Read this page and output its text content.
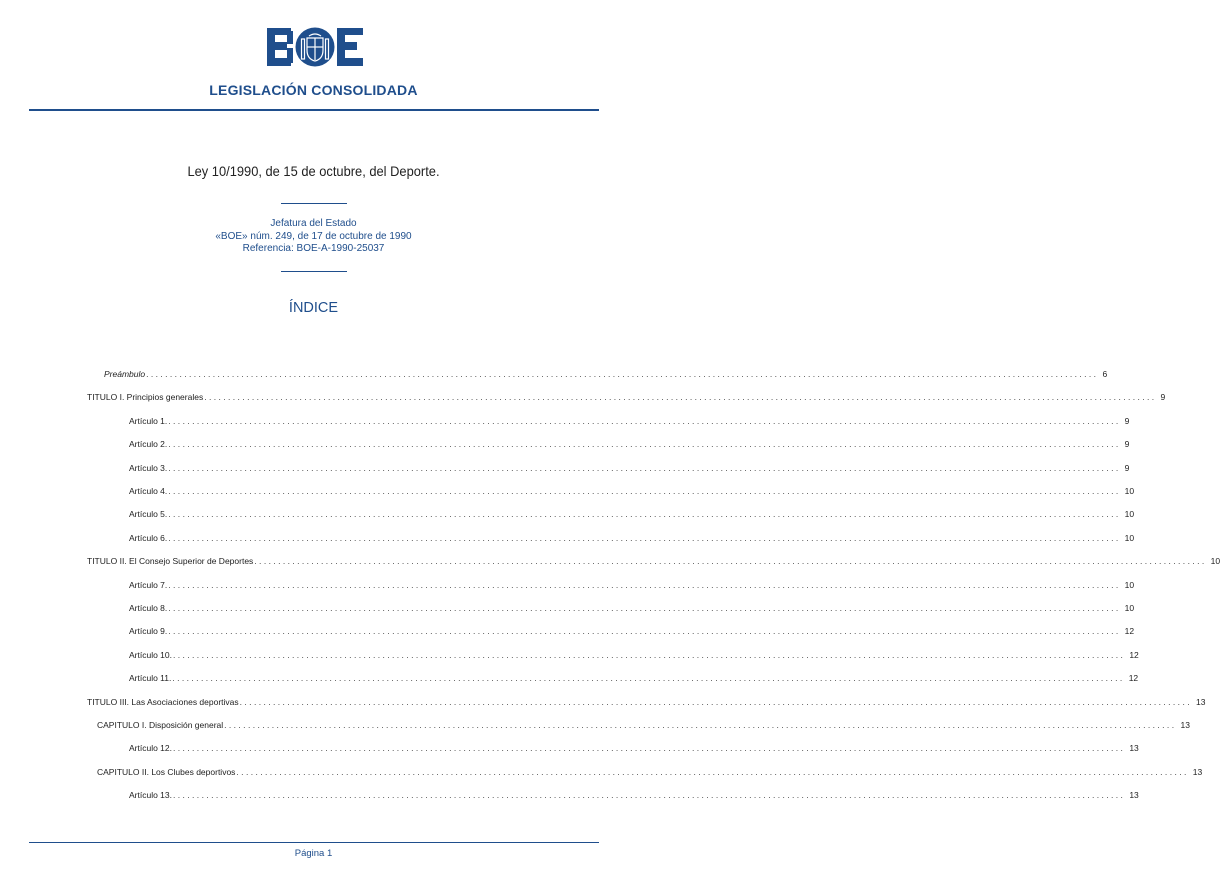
LEGISLACIÓN CONSOLIDADA
Ley 10/1990, de 15 de octubre, del Deporte.
Jefatura del Estado
«BOE» núm. 249, de 17 de octubre de 1990
Referencia: BOE-A-1990-25037
ÍNDICE
Preámbulo ........................................................................................................................................................................................................ 6
TITULO I. Principios generales ........................................................................................................................................................................................................ 9
Artículo 1. ........................................................................................................................................................................................................ 9
Artículo 2. ........................................................................................................................................................................................................ 9
Artículo 3. ........................................................................................................................................................................................................ 9
Artículo 4. ........................................................................................................................................................................................................ 10
Artículo 5. ........................................................................................................................................................................................................ 10
Artículo 6. ........................................................................................................................................................................................................ 10
TITULO II. El Consejo Superior de Deportes ........................................................................................................................................................................................................ 10
Artículo 7. ........................................................................................................................................................................................................ 10
Artículo 8. ........................................................................................................................................................................................................ 10
Artículo 9. ........................................................................................................................................................................................................ 12
Artículo 10. ........................................................................................................................................................................................................ 12
Artículo 11. ........................................................................................................................................................................................................ 12
TITULO III. Las Asociaciones deportivas ........................................................................................................................................................................................................ 13
CAPITULO I. Disposición general ........................................................................................................................................................................................................ 13
Artículo 12. ........................................................................................................................................................................................................ 13
CAPITULO II. Los Clubes deportivos ........................................................................................................................................................................................................ 13
Artículo 13. ........................................................................................................................................................................................................ 13
Página 1
